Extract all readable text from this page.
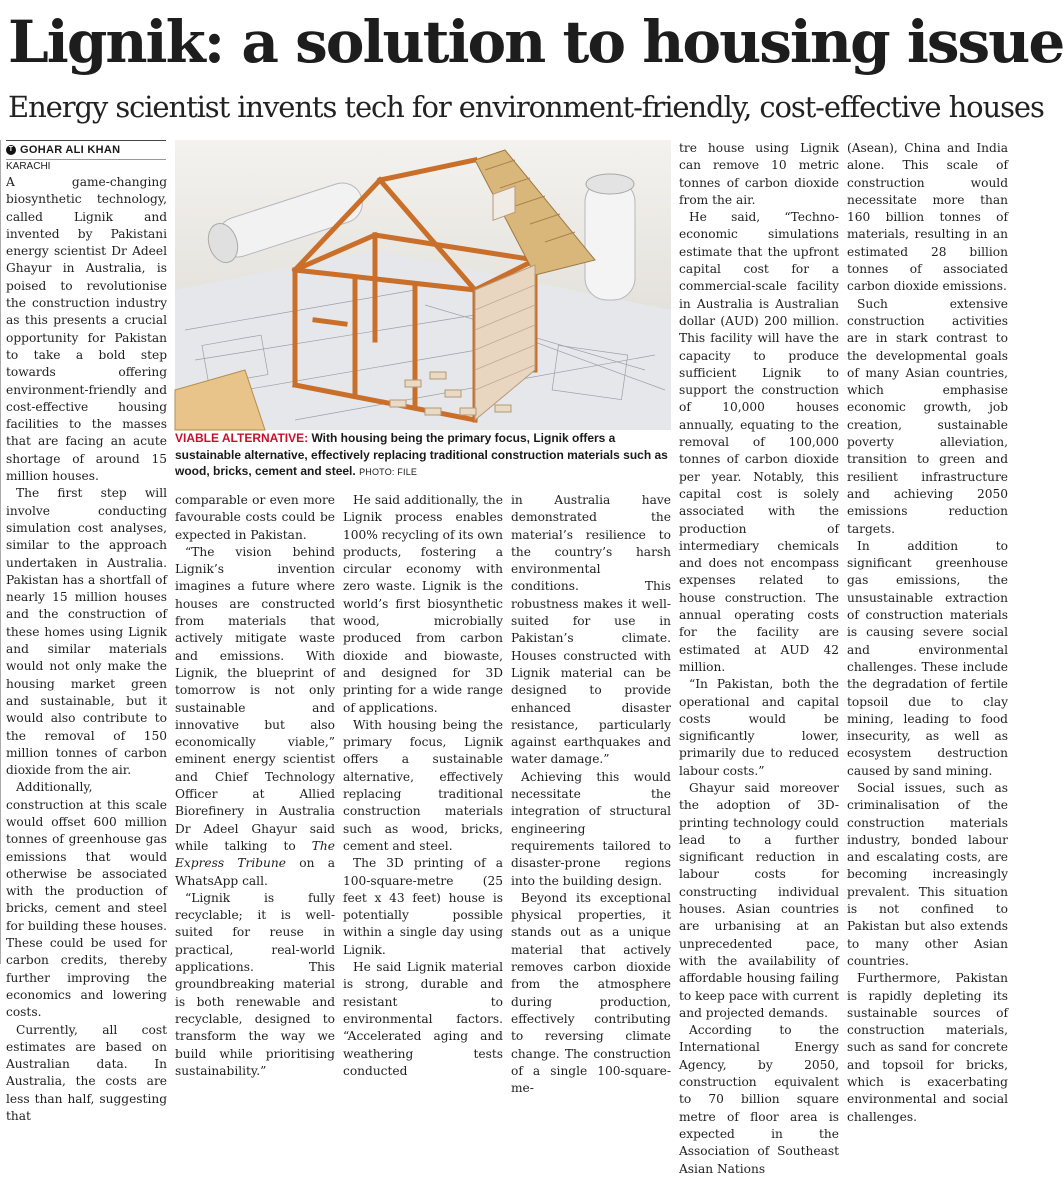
Lignik: a solution to housing issue
Energy scientist invents tech for environment-friendly, cost-effective houses
T GOHAR ALI KHAN
KARACHI

A game-changing biosynthetic technology, called Lignik and invented by Pakistani energy scientist Dr Adeel Ghayur in Australia, is poised to revolutionise the construction industry as this presents a crucial opportunity for Pakistan to take a bold step towards offering environment-friendly and cost-effective housing facilities to the masses that are facing an acute shortage of around 15 million houses.

The first step will involve conducting simulation cost analyses, similar to the approach undertaken in Australia. Pakistan has a shortfall of nearly 15 million houses and the construction of these homes using Lignik and similar materials would not only make the housing market green and sustainable, but it would also contribute to the removal of 150 million tonnes of carbon dioxide from the air.

Additionally, construction at this scale would offset 600 million tonnes of greenhouse gas emissions that would otherwise be associated with the production of bricks, cement and steel for building these houses. These could be used for carbon credits, thereby further improving the economics and lowering costs.

Currently, all cost estimates are based on Australian data. In Australia, the costs are less than half, suggesting that

VIABLE ALTERNATIVE: With housing being the primary focus, Lignik offers a sustainable alternative, effectively replacing traditional construction materials such as wood, bricks, cement and steel. PHOTO: FILE

comparable or even more favourable costs could be expected in Pakistan.

“The vision behind Lignik’s invention imagines a future where houses are constructed from materials that actively mitigate waste and emissions. With Lignik, the blueprint of tomorrow is not only sustainable and innovative but also economically viable,” eminent energy scientist and Chief Technology Officer at Allied Biorefinery in Australia Dr Adeel Ghayur said while talking to The Express Tribune on a WhatsApp call.

“Lignik is fully recyclable; it is well-suited for reuse in practical, real-world applications. This groundbreaking material is both renewable and recyclable, designed to transform the way we build while prioritising sustainability.”

He said additionally, the Lignik process enables 100% recycling of its own products, fostering a circular economy with zero waste. Lignik is the world’s first biosynthetic wood, microbially produced from carbon dioxide and biowaste, and designed for 3D printing for a wide range of applications.

With housing being the primary focus, Lignik offers a sustainable alternative, effectively replacing traditional construction materials such as wood, bricks, cement and steel.

The 3D printing of a 100-square-metre (25 feet x 43 feet) house is potentially possible within a single day using Lignik.

He said Lignik material is strong, durable and resistant to environmental factors. “Accelerated aging and weathering tests conducted

in Australia have demonstrated the material’s resilience to the country’s harsh environmental conditions. This robustness makes it well-suited for use in Pakistan’s climate. Houses constructed with Lignik material can be designed to provide enhanced disaster resistance, particularly against earthquakes and water damage.”

Achieving this would necessitate the integration of structural engineering requirements tailored to disaster-prone regions into the building design.

Beyond its exceptional physical properties, it stands out as a unique material that actively removes carbon dioxide from the atmosphere during production, effectively contributing to reversing climate change. The construction of a single 100-square-me-

tre house using Lignik can remove 10 metric tonnes of carbon dioxide from the air.

He said, “Techno-economic simulations estimate that the upfront capital cost for a commercial-scale facility in Australia is Australian dollar (AUD) 200 million. This facility will have the capacity to produce sufficient Lignik to support the construction of 10,000 houses annually, equating to the removal of 100,000 tonnes of carbon dioxide per year. Notably, this capital cost is solely associated with the production of intermediary chemicals and does not encompass expenses related to house construction. The annual operating costs for the facility are estimated at AUD 42 million.

“In Pakistan, both the operational and capital costs would be significantly lower, primarily due to reduced labour costs.”

Ghayur said moreover the adoption of 3D-printing technology could lead to a further significant reduction in labour costs for constructing individual houses. Asian countries are urbanising at an unprecedented pace, with the availability of affordable housing failing to keep pace with current and projected demands.

According to the International Energy Agency, by 2050, construction equivalent to 70 billion square metre of floor area is expected in the Association of Southeast Asian Nations

(Asean), China and India alone. This scale of construction would necessitate more than 160 billion tonnes of materials, resulting in an estimated 28 billion tonnes of associated carbon dioxide emissions.

Such extensive construction activities are in stark contrast to the developmental goals of many Asian countries, which emphasise economic growth, job creation, sustainable poverty alleviation, transition to green and resilient infrastructure and achieving 2050 emissions reduction targets.

In addition to significant greenhouse gas emissions, the unsustainable extraction of construction materials is causing severe social and environmental challenges. These include the degradation of fertile topsoil due to clay mining, leading to food insecurity, as well as ecosystem destruction caused by sand mining.

Social issues, such as criminalisation of the construction materials industry, bonded labour and escalating costs, are becoming increasingly prevalent. This situation is not confined to Pakistan but also extends to many other Asian countries.

Furthermore, Pakistan is rapidly depleting its sustainable sources of construction materials, such as sand for concrete and topsoil for bricks, which is exacerbating environmental and social challenges.
